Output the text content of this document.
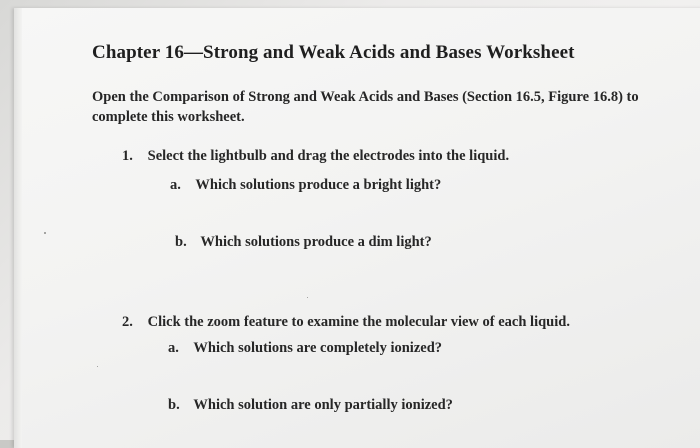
Chapter 16—Strong and Weak Acids and Bases Worksheet
Open the Comparison of Strong and Weak Acids and Bases (Section 16.5, Figure 16.8) to complete this worksheet.
1. Select the lightbulb and drag the electrodes into the liquid.
a. Which solutions produce a bright light?
b. Which solutions produce a dim light?
2. Click the zoom feature to examine the molecular view of each liquid.
a. Which solutions are completely ionized?
b. Which solution are only partially ionized?
